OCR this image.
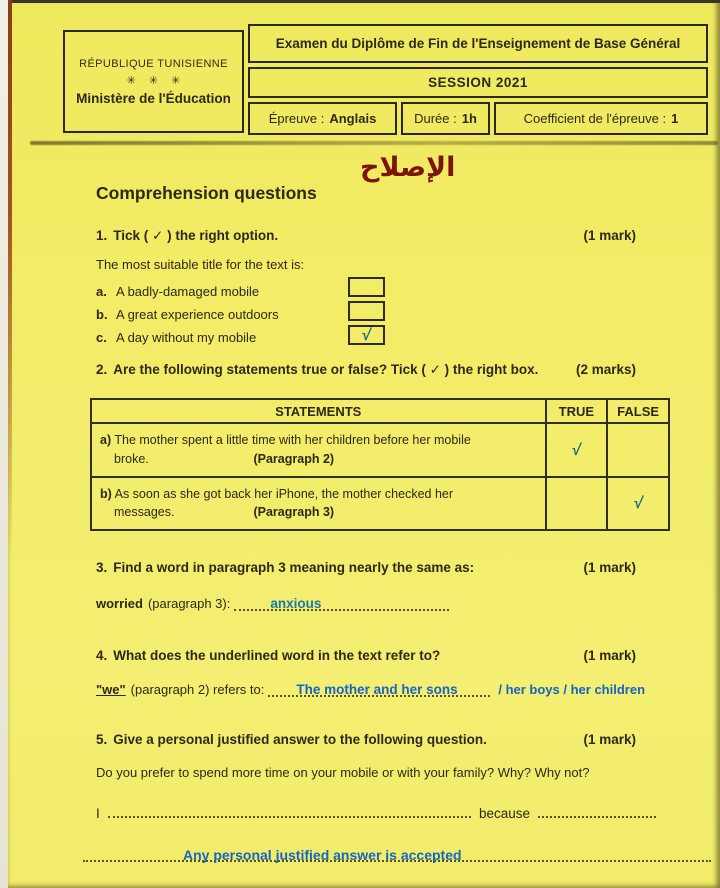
RÉPUBLIQUE TUNISIENNE
✳ ✳ ✳
Ministère de l'Éducation
Examen du Diplôme de Fin de l'Enseignement de Base Général
SESSION 2021
Épreuve : Anglais	Durée : 1h	Coefficient de l'épreuve : 1
الإصلاح
Comprehension questions
1. Tick ( ✓ ) the right option.	(1 mark)
The most suitable title for the text is:
a. A badly-damaged mobile
b. A great experience outdoors
c. A day without my mobile	√
2. Are the following statements true or false? Tick ( ✓ ) the right box.	(2 marks)
STATEMENTS	TRUE	FALSE
a) The mother spent a little time with her children before her mobile
broke. (Paragraph 2)	√	
b) As soon as she got back her iPhone, the mother checked her
messages. (Paragraph 3)		√
3. Find a word in paragraph 3 meaning nearly the same as:	(1 mark)
worried (paragraph 3):	anxious
4. What does the underlined word in the text refer to?	(1 mark)
"we" (paragraph 2) refers to: The mother and her sons	/ her boys / her children
5. Give a personal justified answer to the following question.	(1 mark)
Do you prefer to spend more time on your mobile or with your family? Why? Why not?
I	because
Any personal justified answer is accepted
